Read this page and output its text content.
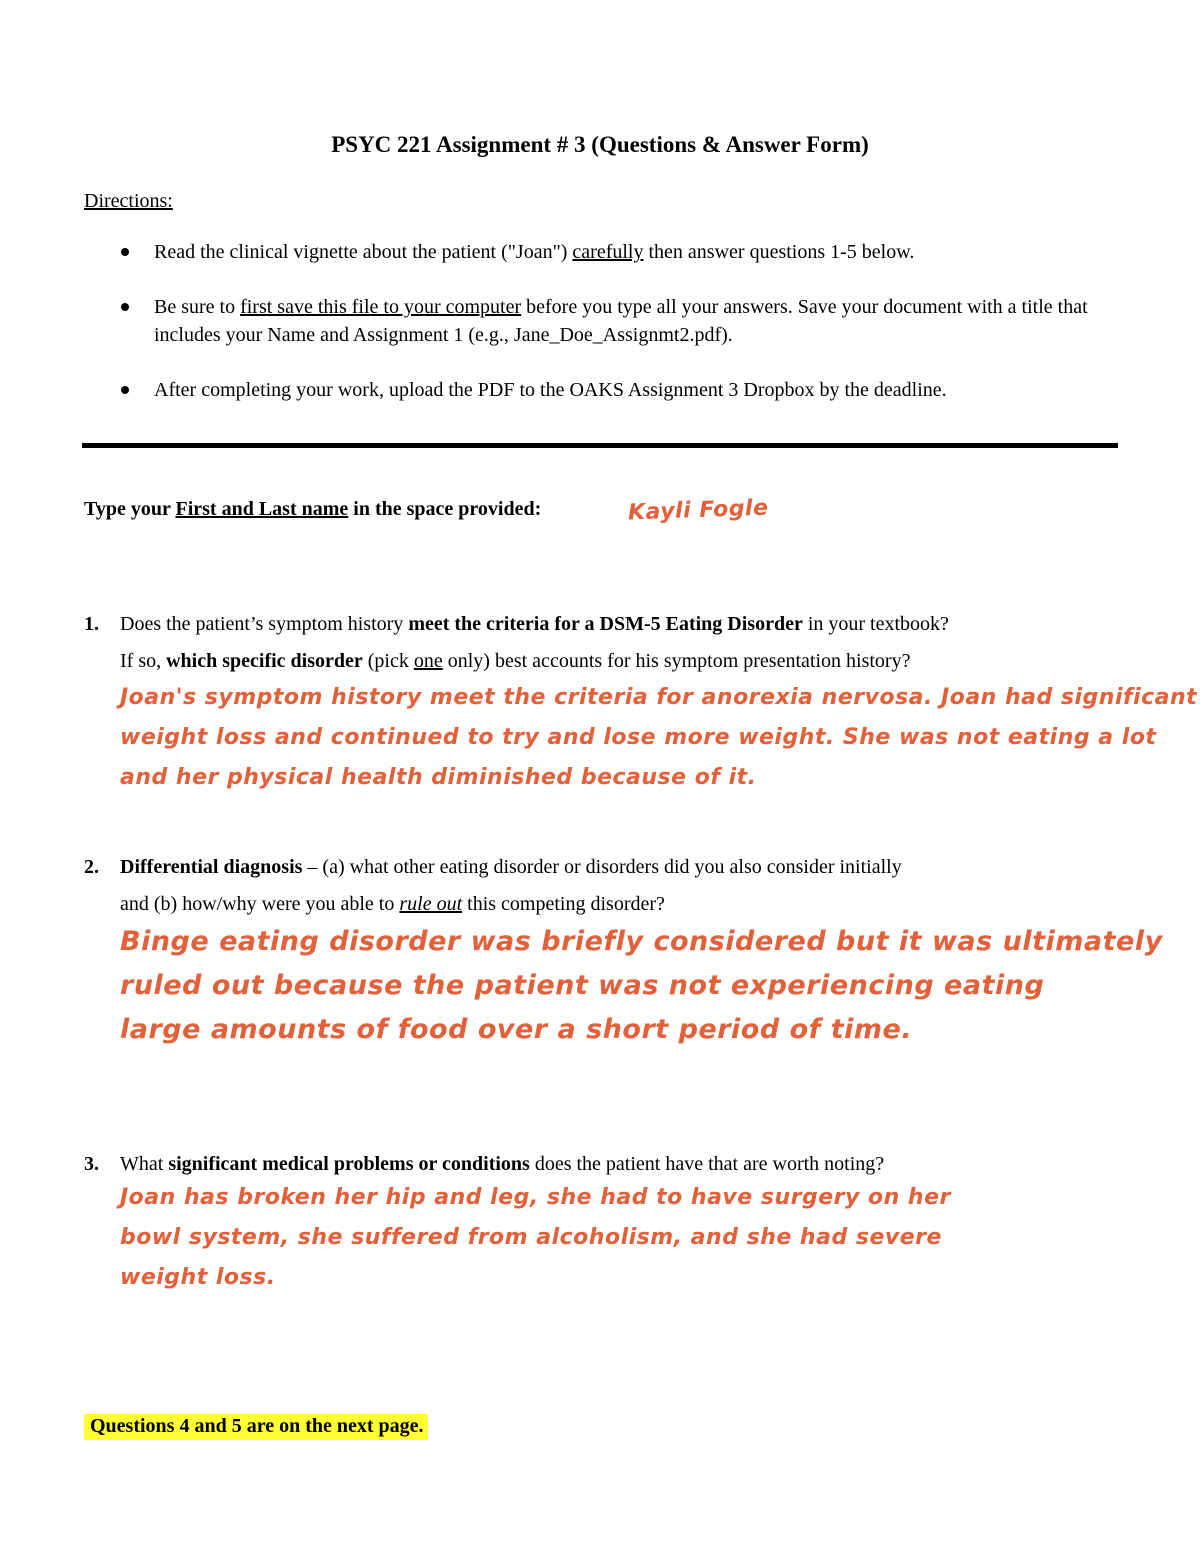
PSYC 221 Assignment # 3 (Questions & Answer Form)
Directions:
Read the clinical vignette about the patient ("Joan") carefully then answer questions 1-5 below.
Be sure to first save this file to your computer before you type all your answers. Save your document with a title that includes your Name and Assignment 1 (e.g., Jane_Doe_Assignmt2.pdf).
After completing your work, upload the PDF to the OAKS Assignment 3 Dropbox by the deadline.
Type your First and Last name in the space provided:	Kayli Fogle
1. Does the patient’s symptom history meet the criteria for a DSM-5 Eating Disorder in your textbook?
If so, which specific disorder (pick one only) best accounts for his symptom presentation history?
Joan's symptom history meet the criteria for anorexia nervosa. Joan had significant
weight loss and continued to try and lose more weight. She was not eating a lot
and her physical health diminished because of it.
2. Differential diagnosis – (a) what other eating disorder or disorders did you also consider initially
and (b) how/why were you able to rule out this competing disorder?
Binge eating disorder was briefly considered but it was ultimately
ruled out because the patient was not experiencing eating
large amounts of food over a short period of time.
3. What significant medical problems or conditions does the patient have that are worth noting?
Joan has broken her hip and leg, she had to have surgery on her
bowl system, she suffered from alcoholism, and she had severe
weight loss.
Questions 4 and 5 are on the next page.
